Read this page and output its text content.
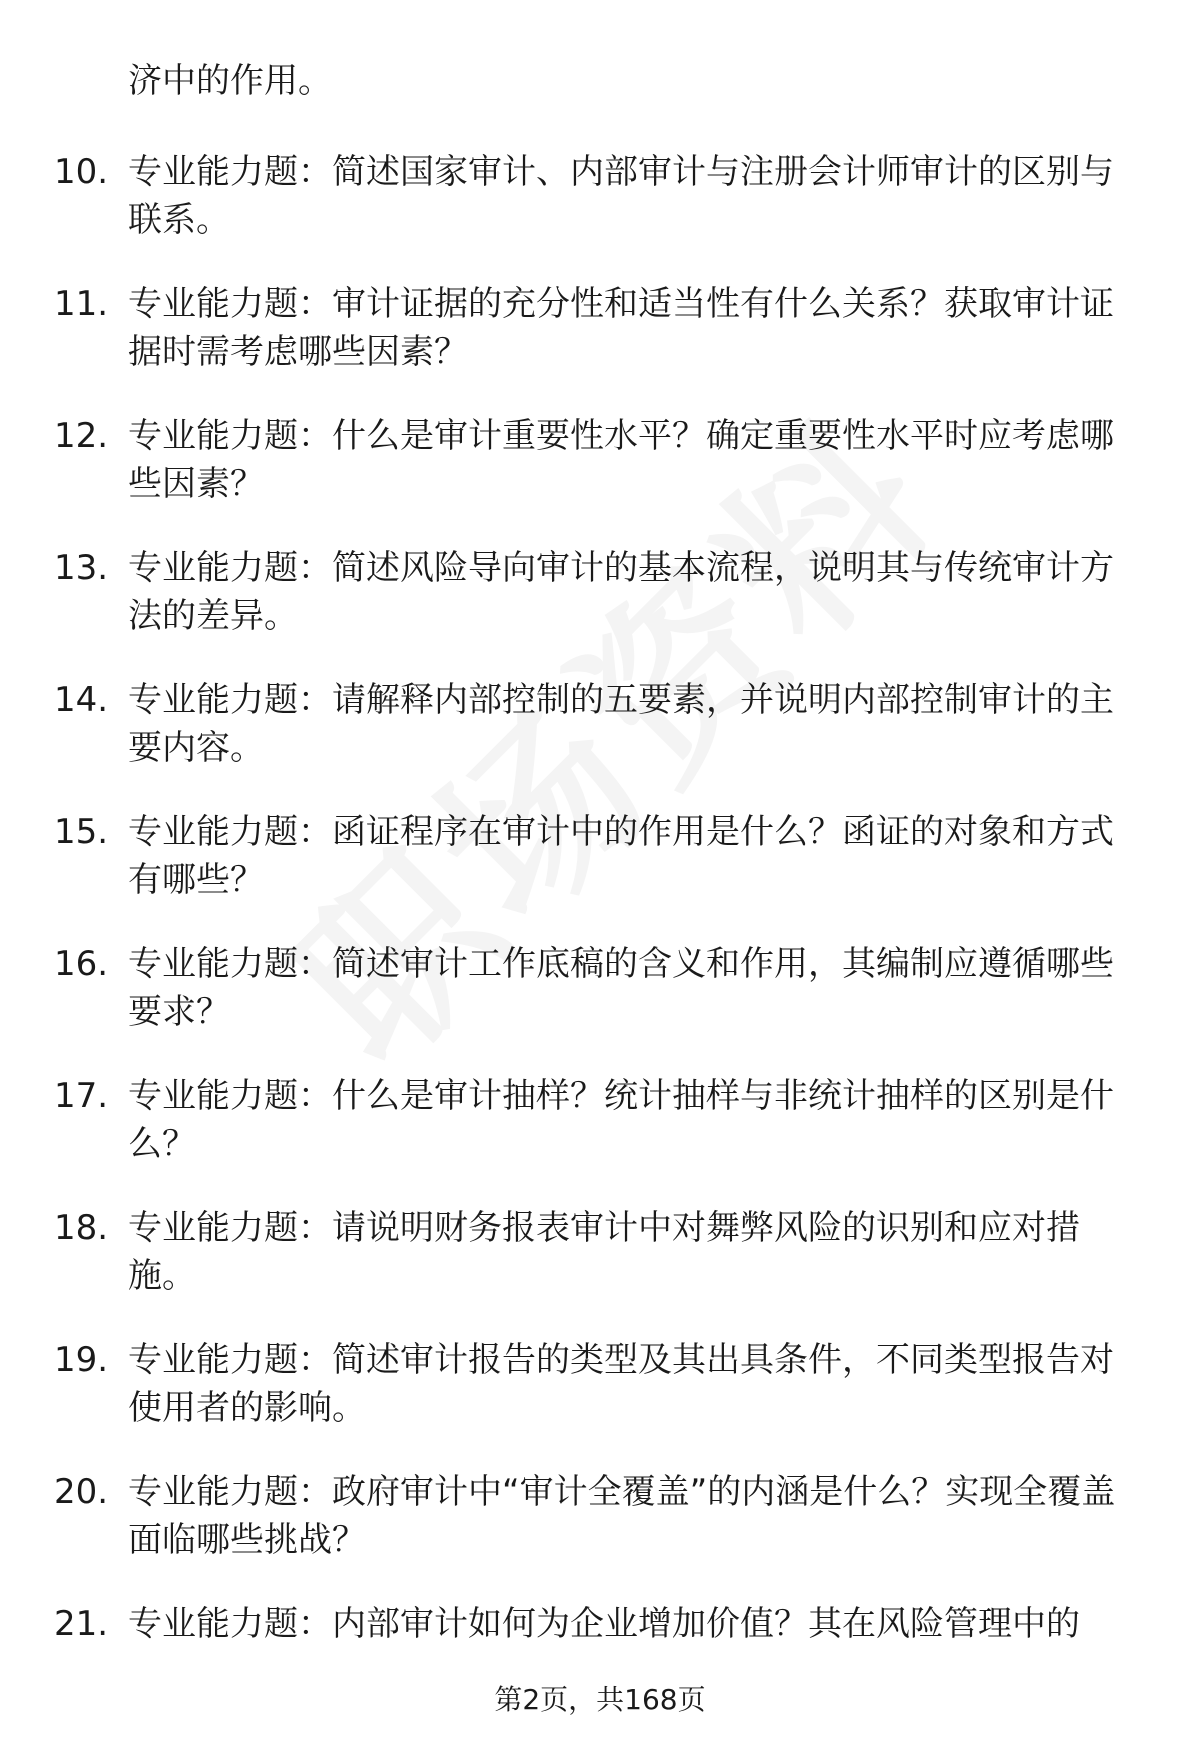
济中的作用。
10. 专业能力题：简述国家审计、内部审计与注册会计师审计的区别与联系。
11. 专业能力题：审计证据的充分性和适当性有什么关系？获取审计证据时需考虑哪些因素？
12. 专业能力题：什么是审计重要性水平？确定重要性水平时应考虑哪些因素？
13. 专业能力题：简述风险导向审计的基本流程，说明其与传统审计方法的差异。
14. 专业能力题：请解释内部控制的五要素，并说明内部控制审计的主要内容。
15. 专业能力题：函证程序在审计中的作用是什么？函证的对象和方式有哪些？
16. 专业能力题：简述审计工作底稿的含义和作用，其编制应遵循哪些要求？
17. 专业能力题：什么是审计抽样？统计抽样与非统计抽样的区别是什么？
18. 专业能力题：请说明财务报表审计中对舞弊风险的识别和应对措施。
19. 专业能力题：简述审计报告的类型及其出具条件，不同类型报告对使用者的影响。
20. 专业能力题：政府审计中“审计全覆盖”的内涵是什么？实现全覆盖面临哪些挑战？
21. 专业能力题：内部审计如何为企业增加价值？其在风险管理中的
第2页，共168页
